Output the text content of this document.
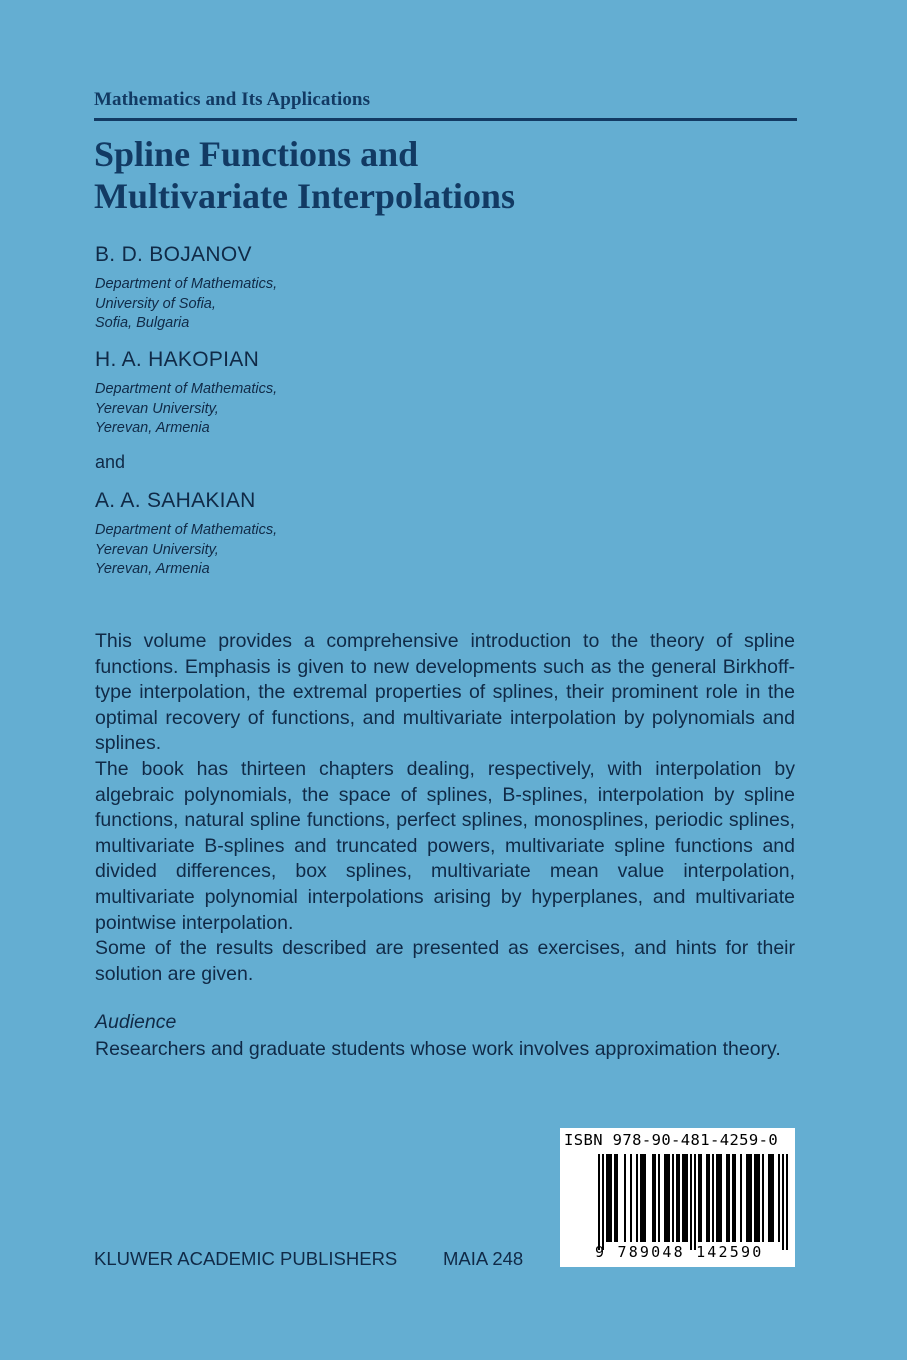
Mathematics and Its Applications
Spline Functions and
Multivariate Interpolations
B. D. BOJANOV
Department of Mathematics,
University of Sofia,
Sofia, Bulgaria
H. A. HAKOPIAN
Department of Mathematics,
Yerevan University,
Yerevan, Armenia
and
A. A. SAHAKIAN
Department of Mathematics,
Yerevan University,
Yerevan, Armenia

This volume provides a comprehensive introduction to the theory of spline functions. Emphasis is given to new developments such as the general Birkhoff-type interpolation, the extremal properties of splines, their prominent role in the optimal recovery of functions, and multivariate interpolation by polynomials and splines.

The book has thirteen chapters dealing, respectively, with interpolation by algebraic polynomials, the space of splines, B-splines, interpolation by spline functions, natural spline functions, perfect splines, monosplines, periodic splines, multivariate B-splines and truncated powers, multivariate spline functions and divided differences, box splines, multivariate mean value interpolation, multivariate polynomial interpolations arising by hyperplanes, and multivariate pointwise interpolation.

Some of the results described are presented as exercises, and hints for their solution are given.

Audience
Researchers and graduate students whose work involves approximation theory.
KLUWER ACADEMIC PUBLISHERS MAIA 248
ISBN 978-90-481-4259-0
9 789048 142590
